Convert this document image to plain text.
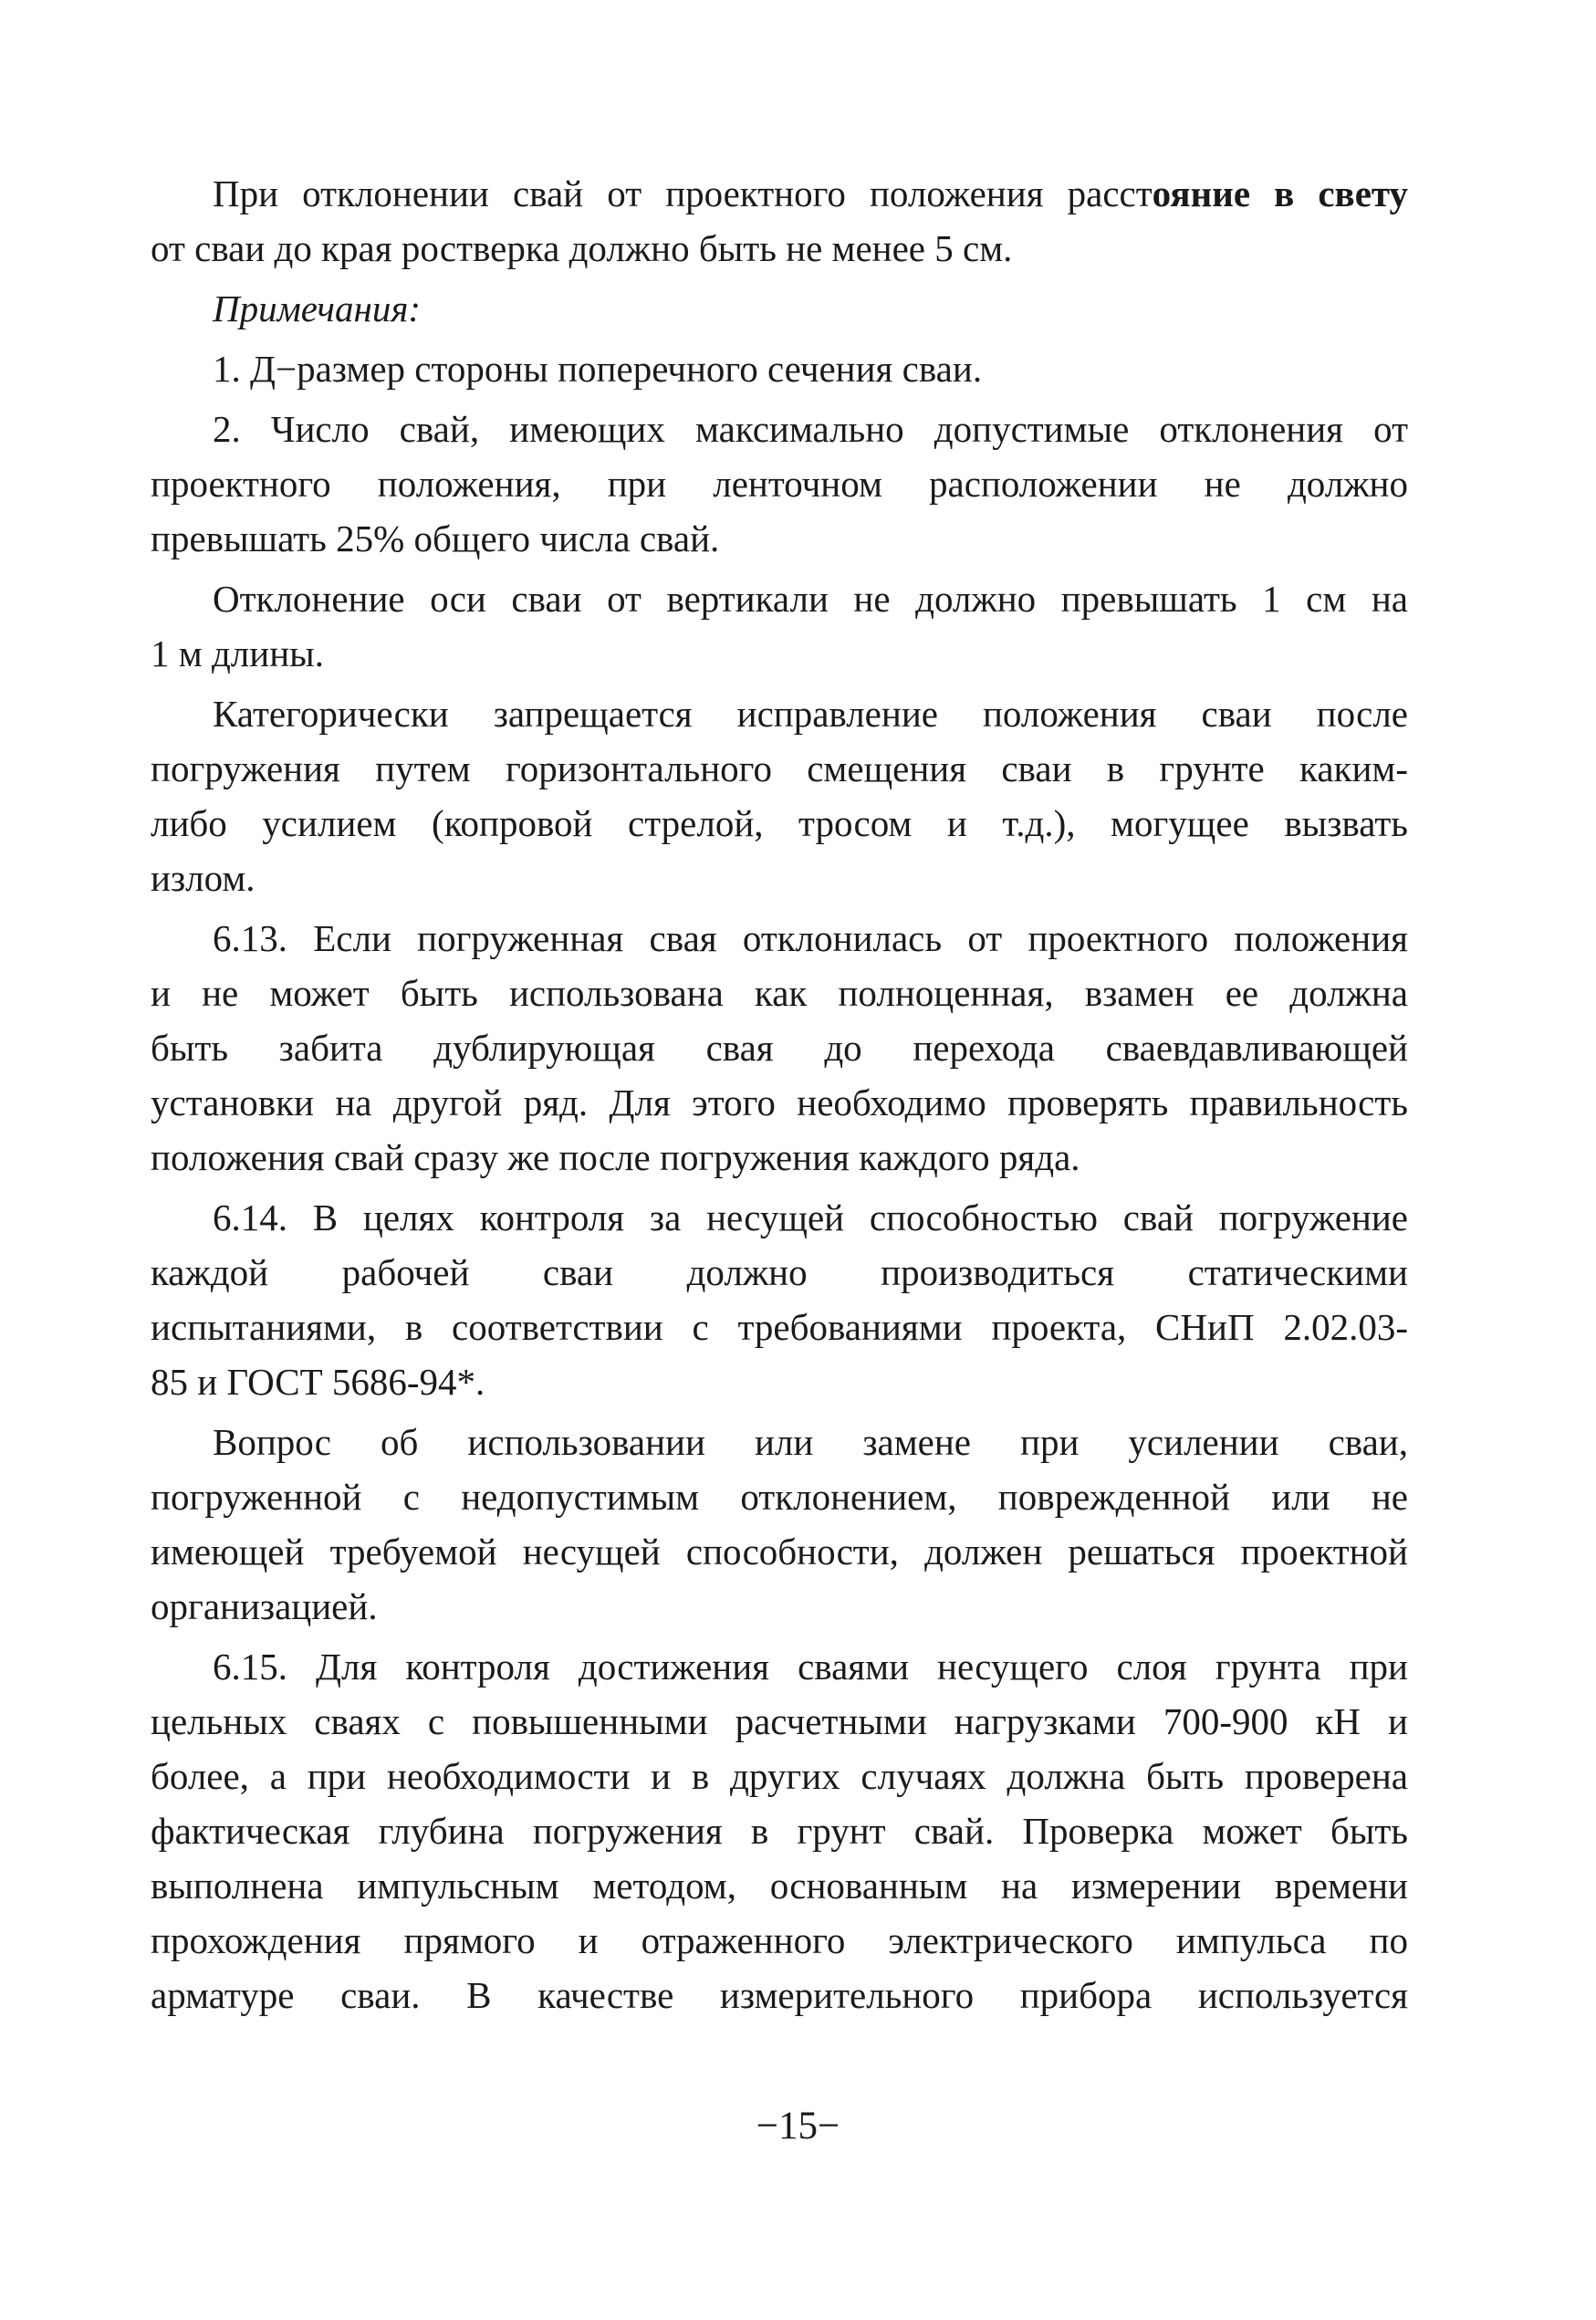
При отклонении свай от проектного положения расстояние в свету
от сваи до края ростверка должно быть не менее 5 см.
Примечания:
1. Д−размер стороны поперечного сечения сваи.
2. Число свай, имеющих максимально допустимые отклонения от
проектного положения, при ленточном расположении не должно
превышать 25% общего числа свай.
Отклонение оси сваи от вертикали не должно превышать 1 см на
1 м длины.
Категорически запрещается исправление положения сваи после
погружения путем горизонтального смещения сваи в грунте каким-
либо усилием (копровой стрелой, тросом и т.д.), могущее вызвать
излом.
6.13. Если погруженная свая отклонилась от проектного положения
и не может быть использована как полноценная, взамен ее должна
быть забита дублирующая свая до перехода сваевдавливающей
установки на другой ряд. Для этого необходимо проверять правильность
положения свай сразу же после погружения каждого ряда.
6.14. В целях контроля за несущей способностью свай погружение
каждой рабочей сваи должно производиться статическими
испытаниями, в соответствии с требованиями проекта, СНиП 2.02.03-
85 и ГОСТ 5686-94*.
Вопрос об использовании или замене при усилении сваи,
погруженной с недопустимым отклонением, поврежденной или не
имеющей требуемой несущей способности, должен решаться проектной
организацией.
6.15. Для контроля достижения сваями несущего слоя грунта при
цельных сваях с повышенными расчетными нагрузками 700-900 кН и
более, а при необходимости и в других случаях должна быть проверена
фактическая глубина погружения в грунт свай. Проверка может быть
выполнена импульсным методом, основанным на измерении времени
прохождения прямого и отраженного электрического импульса по
арматуре сваи. В качестве измерительного прибора используется
−15−
